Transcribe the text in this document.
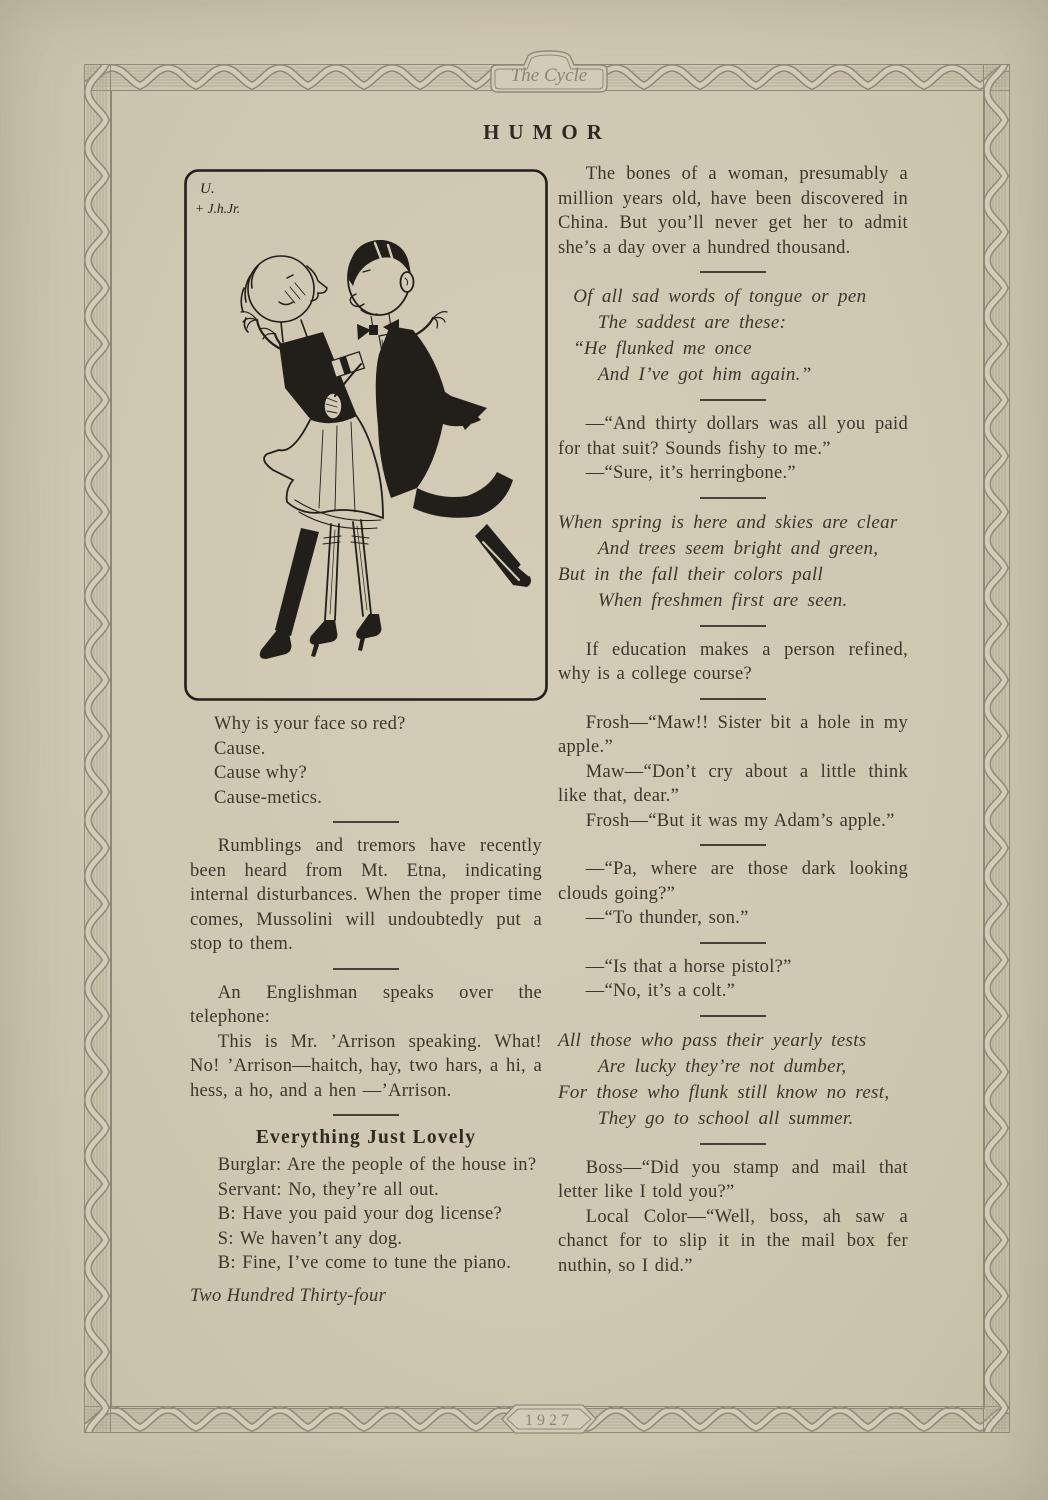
The Cycle
1927
HUMOR
U.
+ J.h.Jr.

Why is your face so red?

Cause.

Cause why?

Cause-metics.

Rumblings and tremors have recently been heard from Mt. Etna, indicating internal disturbances. When the proper time comes, Mussolini will undoubtedly put a stop to them.

An Englishman speaks over the telephone:

This is Mr. ’Arrison speaking. What! No! ’Arrison—haitch, hay, two hars, a hi, a hess, a ho, and a hen —’Arrison.

Everything Just Lovely

Burglar: Are the people of the house in?

Servant: No, they’re all out.

B: Have you paid your dog license?

S: We haven’t any dog.

B: Fine, I’ve come to tune the piano.

Two Hundred Thirty-four

The bones of a woman, presumably a million years old, have been discovered in China. But you’ll never get her to admit she’s a day over a hundred thousand.

Of all sad words of tongue or pen

The saddest are these:

“He flunked me once

And I’ve got him again.”

—“And thirty dollars was all you paid for that suit? Sounds fishy to me.”

—“Sure, it’s herringbone.”

When spring is here and skies are clear

And trees seem bright and green,

But in the fall their colors pall

When freshmen first are seen.

If education makes a person refined, why is a college course?

Frosh—“Maw!! Sister bit a hole in my apple.”

Maw—“Don’t cry about a little think like that, dear.”

Frosh—“But it was my Adam’s apple.”

—“Pa, where are those dark looking clouds going?”

—“To thunder, son.”

—“Is that a horse pistol?”

—“No, it’s a colt.”

All those who pass their yearly tests

Are lucky they’re not dumber,

For those who flunk still know no rest,

They go to school all summer.

Boss—“Did you stamp and mail that letter like I told you?”

Local Color—“Well, boss, ah saw a chanct for to slip it in the mail box fer nuthin, so I did.”
